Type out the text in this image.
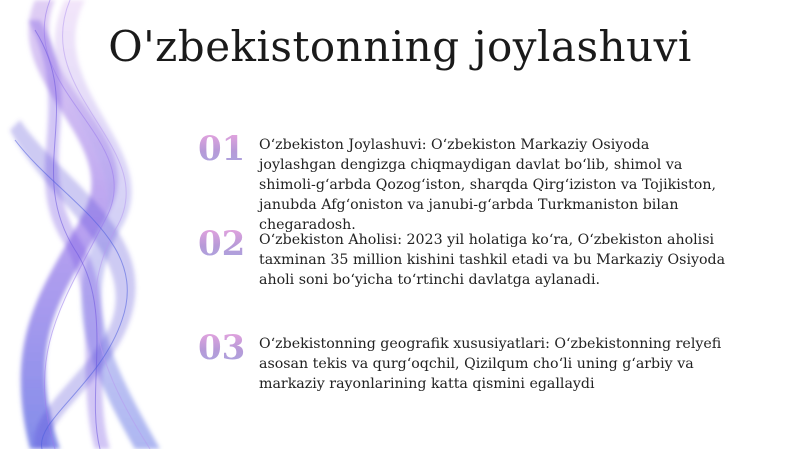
O'zbekistonning joylashuvi
01 O‘zbekiston Joylashuvi: O‘zbekiston Markaziy Osiyoda joylashgan dengizga chiqmaydigan davlat bo‘lib, shimol va shimoli-g‘arbda Qozog‘iston, sharqda Qirg‘iziston va Tojikiston, janubda Afg‘oniston va janubi-g‘arbda Turkmaniston bilan chegaradosh.
02 O‘zbekiston Aholisi: 2023 yil holatiga ko‘ra, O‘zbekiston aholisi taxminan 35 million kishini tashkil etadi va bu Markaziy Osiyoda aholi soni bo‘yicha to‘rtinchi davlatga aylanadi.
03 O‘zbekistonning geografik xususiyatlari: O‘zbekistonning relyefi asosan tekis va qurg‘oqchil, Qizilqum cho‘li uning g‘arbiy va markaziy rayonlarining katta qismini egallaydi
